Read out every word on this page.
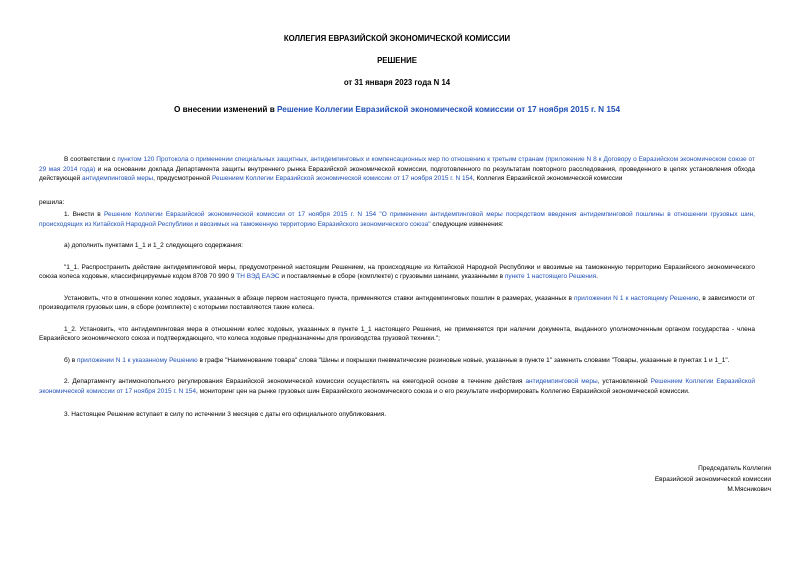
КОЛЛЕГИЯ ЕВРАЗИЙСКОЙ ЭКОНОМИЧЕСКОЙ КОМИССИИ
РЕШЕНИЕ
от 31 января 2023 года N 14
О внесении изменений в Решение Коллегии Евразийской экономической комиссии от 17 ноября 2015 г. N 154

В соответствии с пунктом 120 Протокола о применении специальных защитных, антидемпинговых и компенсационных мер по отношению к третьим странам (приложение N 8 к Договору о Евразийском экономическом союзе от 29 мая 2014 года) и на основании доклада Департамента защиты внутреннего рынка Евразийской экономической комиссии, подготовленного по результатам повторного расследования, проведенного в целях установления обхода действующей антидемпинговой меры, предусмотренной Решением Коллегии Евразийской экономической комиссии от 17 ноября 2015 г. N 154, Коллегия Евразийской экономической комиссии

решила:

1. Внести в Решение Коллегии Евразийской экономической комиссии от 17 ноября 2015 г. N 154 "О применении антидемпинговой меры посредством введения антидемпинговой пошлины в отношении грузовых шин, происходящих из Китайской Народной Республики и ввозимых на таможенную территорию Евразийского экономического союза" следующие изменения:

а) дополнить пунктами 1_1 и 1_2 следующего содержания:

"1_1. Распространить действие антидемпинговой меры, предусмотренной настоящим Решением, на происходящие из Китайской Народной Республики и ввозимые на таможенную территорию Евразийского экономического союза колеса ходовые, классифицируемые кодом 8708 70 990 9 ТН ВЭД ЕАЭС и поставляемые в сборе (комплекте) с грузовыми шинами, указанными в пункте 1 настоящего Решения.

Установить, что в отношении колес ходовых, указанных в абзаце первом настоящего пункта, применяются ставки антидемпинговых пошлин в размерах, указанных в приложении N 1 к настоящему Решению, в зависимости от производителя грузовых шин, в сборе (комплекте) с которыми поставляются такие колеса.

1_2. Установить, что антидемпинговая мера в отношении колес ходовых, указанных в пункте 1_1 настоящего Решения, не применяется при наличии документа, выданного уполномоченным органом государства - члена Евразийского экономического союза и подтверждающего, что колеса ходовые предназначены для производства грузовой техники.";

б) в приложении N 1 к указанному Решению в графе "Наименование товара" слова "Шины и покрышки пневматические резиновые новые, указанные в пункте 1" заменить словами "Товары, указанные в пунктах 1 и 1_1".

2. Департаменту антимонопольного регулирования Евразийской экономической комиссии осуществлять на ежегодной основе в течение действия антидемпинговой меры, установленной Решением Коллегии Евразийской экономической комиссии от 17 ноября 2015 г. N 154, мониторинг цен на рынке грузовых шин Евразийского экономического союза и о его результате информировать Коллегию Евразийской экономической комиссии.

3. Настоящее Решение вступает в силу по истечении 3 месяцев с даты его официального опубликования.

Председатель Коллегии
Евразийской экономической комиссии
М.Мясникович
